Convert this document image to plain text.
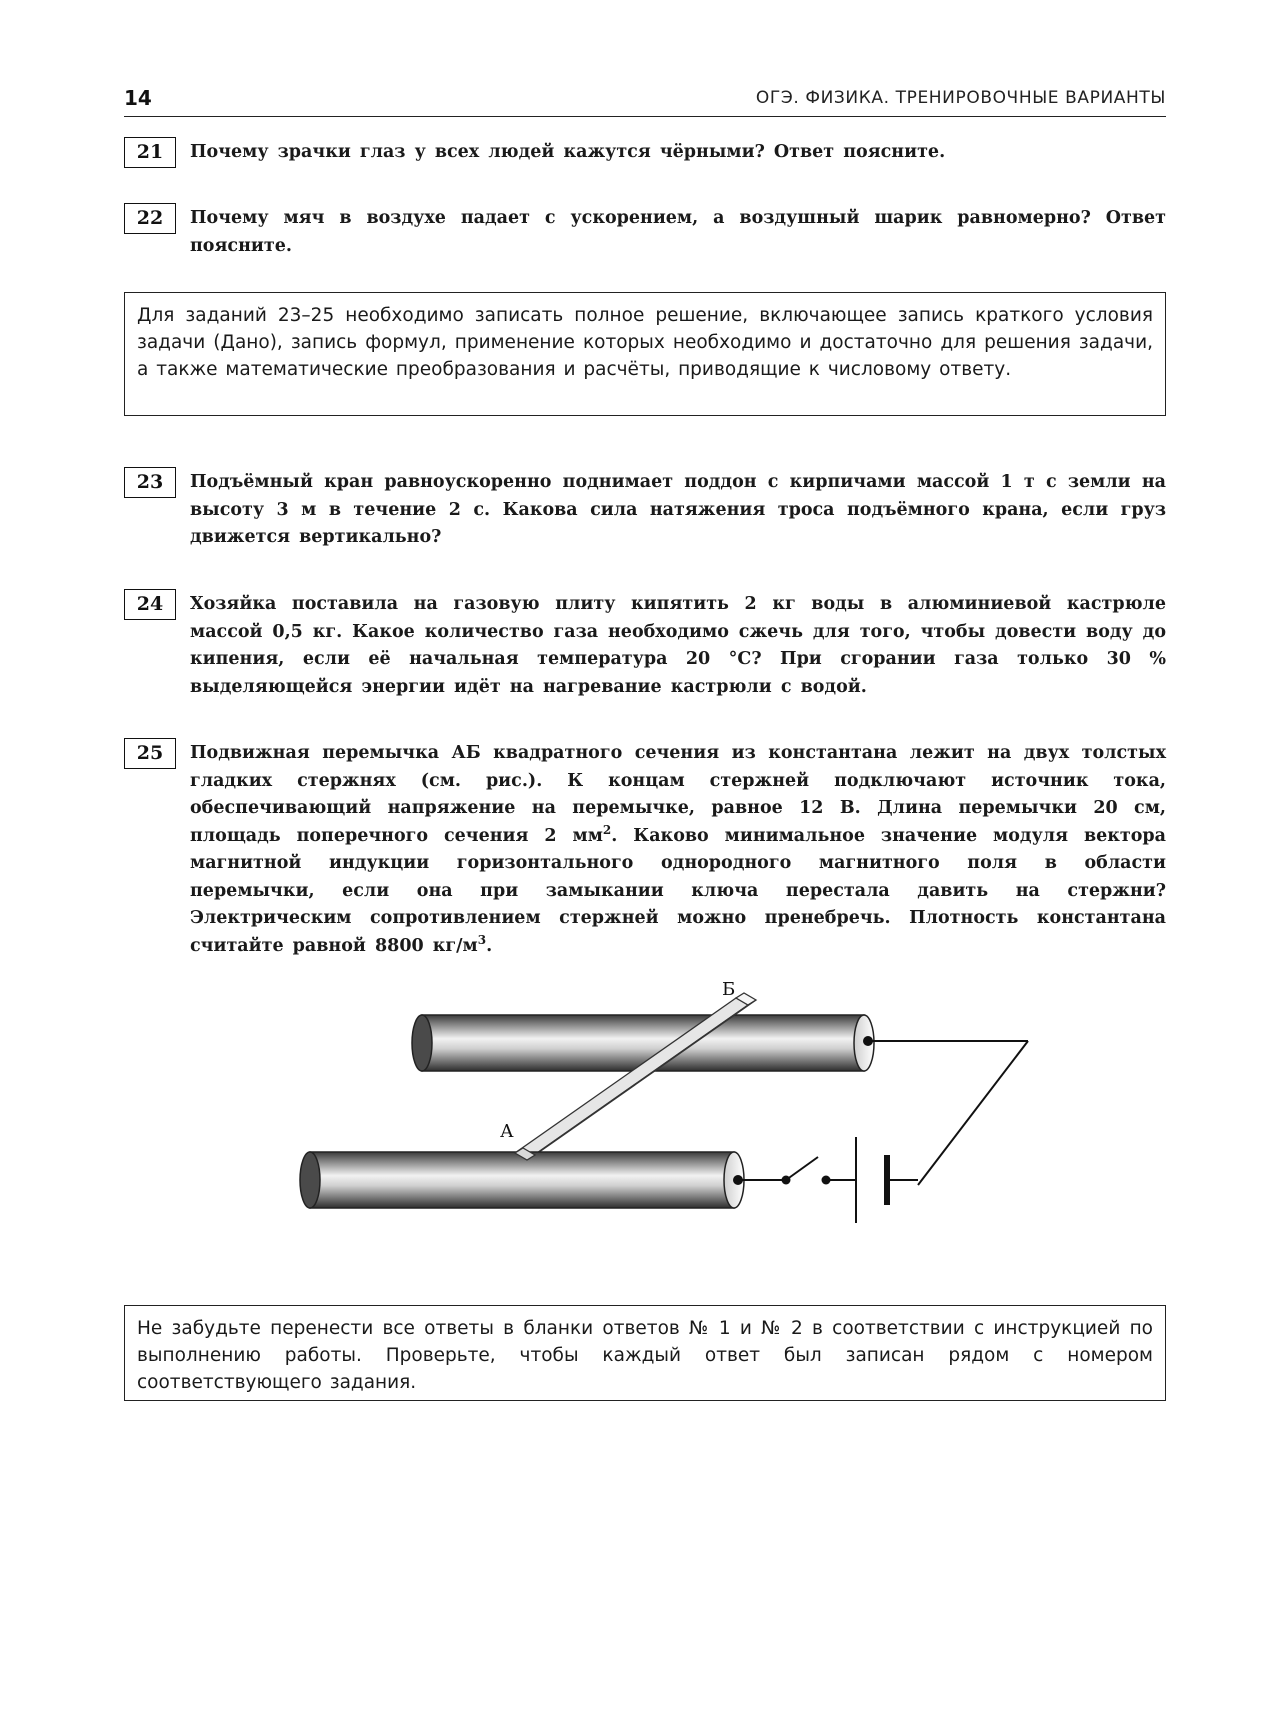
14	ОГЭ. ФИЗИКА. ТРЕНИРОВОЧНЫЕ ВАРИАНТЫ
21	Почему зрачки глаз у всех людей кажутся чёрными? Ответ поясните.
22	Почему мяч в воздухе падает с ускорением, а воздушный шарик равномерно? Ответ поясните.
Для заданий 23–25 необходимо записать полное решение, включающее запись краткого условия задачи (Дано), запись формул, применение которых необходимо и достаточно для решения задачи, а также математические преобразования и расчёты, приводящие к числовому ответу.
23	Подъёмный кран равноускоренно поднимает поддон с кирпичами массой 1 т с земли на высоту 3 м в течение 2 с. Какова сила натяжения троса подъёмного крана, если груз движется вертикально?
24	Хозяйка поставила на газовую плиту кипятить 2 кг воды в алюминиевой кастрюле массой 0,5 кг. Какое количество газа необходимо сжечь для того, чтобы довести воду до кипения, если её начальная температура 20 °С? При сгорании газа только 30 % выделяющейся энергии идёт на нагревание кастрюли с водой.
25	Подвижная перемычка АБ квадратного сечения из константана лежит на двух толстых гладких стержнях (см. рис.). К концам стержней подключают источник тока, обеспечивающий напряжение на перемычке, равное 12 В. Длина перемычки 20 см, площадь поперечного сечения 2 $мм^2$. Каково минимальное значение модуля вектора магнитной индукции горизонтального однородного магнитного поля в области перемычки, если она при замыкании ключа перестала давить на стержни? Электрическим сопротивлением стержней можно пренебречь. Плотность константана считайте равной 8800 $кг/м^3$.
А
Б
Не забудьте перенести все ответы в бланки ответов № 1 и № 2 в соответствии с инструкцией по выполнению работы. Проверьте, чтобы каждый ответ был записан рядом с номером соответствующего задания.
